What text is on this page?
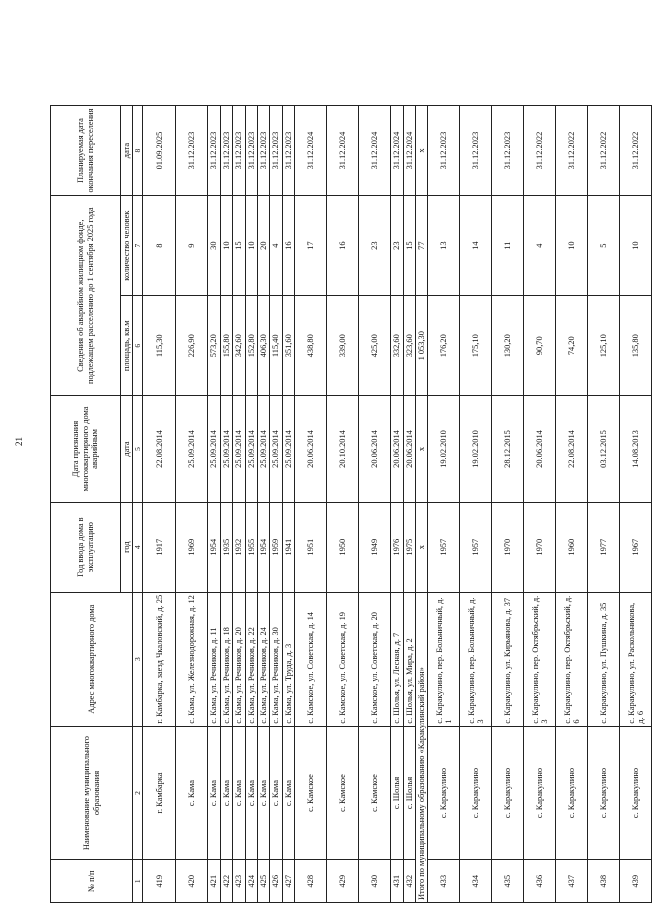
21
№ п/п	Наименование муниципального образования	Адрес многоквартирного дома	Год ввода дома в эксплуатацию	Дата признания многоквартирного дома аварийным	Сведения об аварийном жилищном фонде, подлежащем расселению до 1 сентября 2025 года		Планируемая дата окончания переселения
			год	дата	площадь, кв.м	количество человек	дата
1	2	3	4	5	6	7	8
419	г. Камбарка	г. Камбарка, заезд Чкаловский, д. 25	1917	22.08.2014	115,30	8	01.09.2025
420	с. Кама	с. Кама, ул. Железнодорожная, д. 12	1969	25.09.2014	226,90	9	31.12.2023
421	с. Кама	с. Кама, ул. Речников, д. 11	1954	25.09.2014	573,20	30	31.12.2023
422	с. Кама	с. Кама, ул. Речников, д. 18	1935	25.09.2014	155,80	10	31.12.2023
423	с. Кама	с. Кама, ул. Речников, д. 20	1932	25.09.2014	342,60	15	31.12.2023
424	с. Кама	с. Кама, ул. Речников, д. 22	1955	25.09.2014	152,80	10	31.12.2023
425	с. Кама	с. Кама, ул. Речников, д. 24	1954	25.09.2014	406,30	20	31.12.2023
426	с. Кама	с. Кама, ул. Речников, д. 30	1959	25.09.2014	115,40	4	31.12.2023
427	с. Кама	с. Кама, ул. Труда, д. 3	1941	25.09.2014	351,60	16	31.12.2023
428	с. Камское	с. Камское, ул. Советская, д. 14	1951	20.06.2014	438,80	17	31.12.2024
429	с. Камское	с. Камское, ул. Советская, д. 19	1950	20.10.2014	339,00	16	31.12.2024
430	с. Камское	с. Камское, ул. Советская, д. 20	1949	20.06.2014	425,00	23	31.12.2024
431	с. Шолья	с. Шолья, ул. Лесная, д. 7	1976	20.06.2014	332,60	23	31.12.2024
432	с. Шолья	с. Шолья, ул. Мира, д. 2	1975	20.06.2014	323,60	15	31.12.2024
Итого по муниципальному образованию «Каракулинский район»			x	x	1 053,30	77	x
433	с. Каракулино	с. Каракулино, пер. Больничный, д. 1	1957	19.02.2010	176,20	13	31.12.2023
434	с. Каракулино	с. Каракулино, пер. Больничный, д. 3	1957	19.02.2010	175,10	14	31.12.2023
435	с. Каракулино	с. Каракулино, ул. Кирьянова, д. 37	1970	28.12.2015	130,20	11	31.12.2023
436	с. Каракулино	с. Каракулино, пер. Октябрьский, д. 3	1970	20.06.2014	90,70	4	31.12.2022
437	с. Каракулино	с. Каракулино, пер. Октябрьский, д. 6	1960	22.08.2014	74,20	10	31.12.2022
438	с. Каракулино	с. Каракулино, ул. Пушкина, д. 35	1977	03.12.2015	125,10	5	31.12.2022
439	с. Каракулино	с. Каракулино, ул. Раскольникова, д. 6	1967	14.08.2013	135,80	10	31.12.2022
